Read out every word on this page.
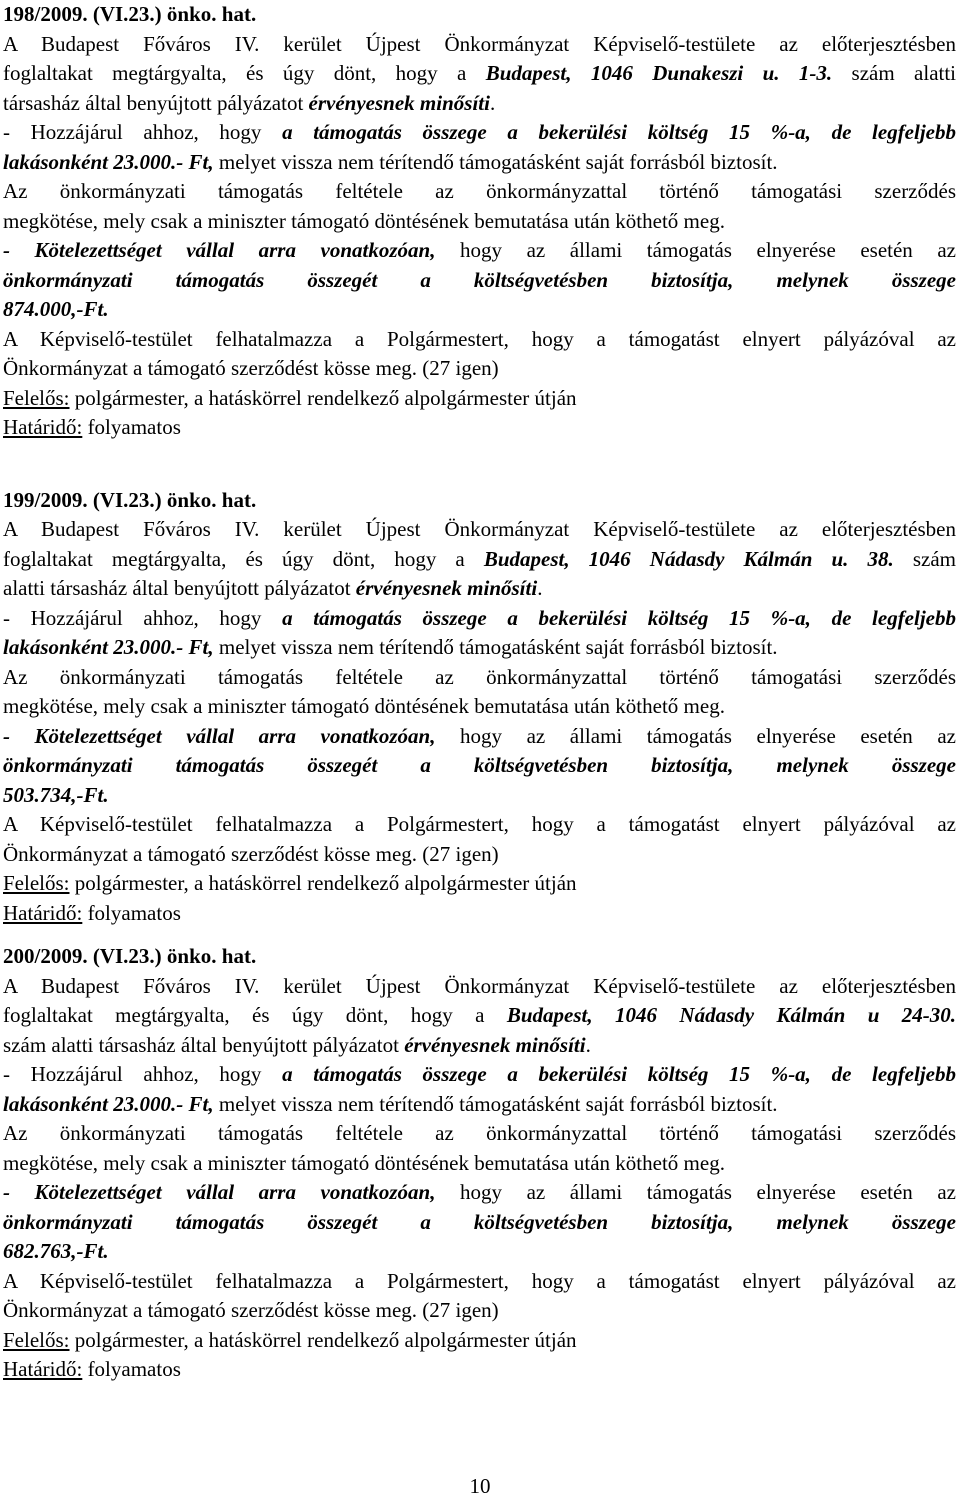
198/2009. (VI.23.) önko. hat.
A Budapest Főváros IV. kerület Újpest Önkormányzat Képviselő-testülete az előterjesztésben
foglaltakat megtárgyalta, és úgy dönt, hogy a Budapest, 1046 Dunakeszi u. 1-3. szám alatti
társasház által benyújtott pályázatot érvényesnek minősíti.
- Hozzájárul ahhoz, hogy a támogatás összege a bekerülési költség 15 %-a, de legfeljebb
lakásonként 23.000.- Ft, melyet vissza nem térítendő támogatásként saját forrásból biztosít.
Az önkormányzati támogatás feltétele az önkormányzattal történő támogatási szerződés
megkötése, mely csak a miniszter támogató döntésének bemutatása után köthető meg.
- Kötelezettséget vállal arra vonatkozóan, hogy az állami támogatás elnyerése esetén az
önkormányzati támogatás összegét a költségvetésben biztosítja, melynek összege
874.000,-Ft.
A Képviselő-testület felhatalmazza a Polgármestert, hogy a támogatást elnyert pályázóval az
Önkormányzat a támogató szerződést kösse meg. (27 igen)
Felelős: polgármester, a hatáskörrel rendelkező alpolgármester útján
Határidő: folyamatos
199/2009. (VI.23.) önko. hat.
A Budapest Főváros IV. kerület Újpest Önkormányzat Képviselő-testülete az előterjesztésben
foglaltakat megtárgyalta, és úgy dönt, hogy a Budapest, 1046 Nádasdy Kálmán u. 38. szám
alatti társasház által benyújtott pályázatot érvényesnek minősíti.
- Hozzájárul ahhoz, hogy a támogatás összege a bekerülési költség 15 %-a, de legfeljebb
lakásonként 23.000.- Ft, melyet vissza nem térítendő támogatásként saját forrásból biztosít.
Az önkormányzati támogatás feltétele az önkormányzattal történő támogatási szerződés
megkötése, mely csak a miniszter támogató döntésének bemutatása után köthető meg.
- Kötelezettséget vállal arra vonatkozóan, hogy az állami támogatás elnyerése esetén az
önkormányzati támogatás összegét a költségvetésben biztosítja, melynek összege
503.734,-Ft.
A Képviselő-testület felhatalmazza a Polgármestert, hogy a támogatást elnyert pályázóval az
Önkormányzat a támogató szerződést kösse meg. (27 igen)
Felelős: polgármester, a hatáskörrel rendelkező alpolgármester útján
Határidő: folyamatos
200/2009. (VI.23.) önko. hat.
A Budapest Főváros IV. kerület Újpest Önkormányzat Képviselő-testülete az előterjesztésben
foglaltakat megtárgyalta, és úgy dönt, hogy a Budapest, 1046 Nádasdy Kálmán u 24-30.
szám alatti társasház által benyújtott pályázatot érvényesnek minősíti.
- Hozzájárul ahhoz, hogy a támogatás összege a bekerülési költség 15 %-a, de legfeljebb
lakásonként 23.000.- Ft, melyet vissza nem térítendő támogatásként saját forrásból biztosít.
Az önkormányzati támogatás feltétele az önkormányzattal történő támogatási szerződés
megkötése, mely csak a miniszter támogató döntésének bemutatása után köthető meg.
- Kötelezettséget vállal arra vonatkozóan, hogy az állami támogatás elnyerése esetén az
önkormányzati támogatás összegét a költségvetésben biztosítja, melynek összege
682.763,-Ft.
A Képviselő-testület felhatalmazza a Polgármestert, hogy a támogatást elnyert pályázóval az
Önkormányzat a támogató szerződést kösse meg. (27 igen)
Felelős: polgármester, a hatáskörrel rendelkező alpolgármester útján
Határidő: folyamatos
10
